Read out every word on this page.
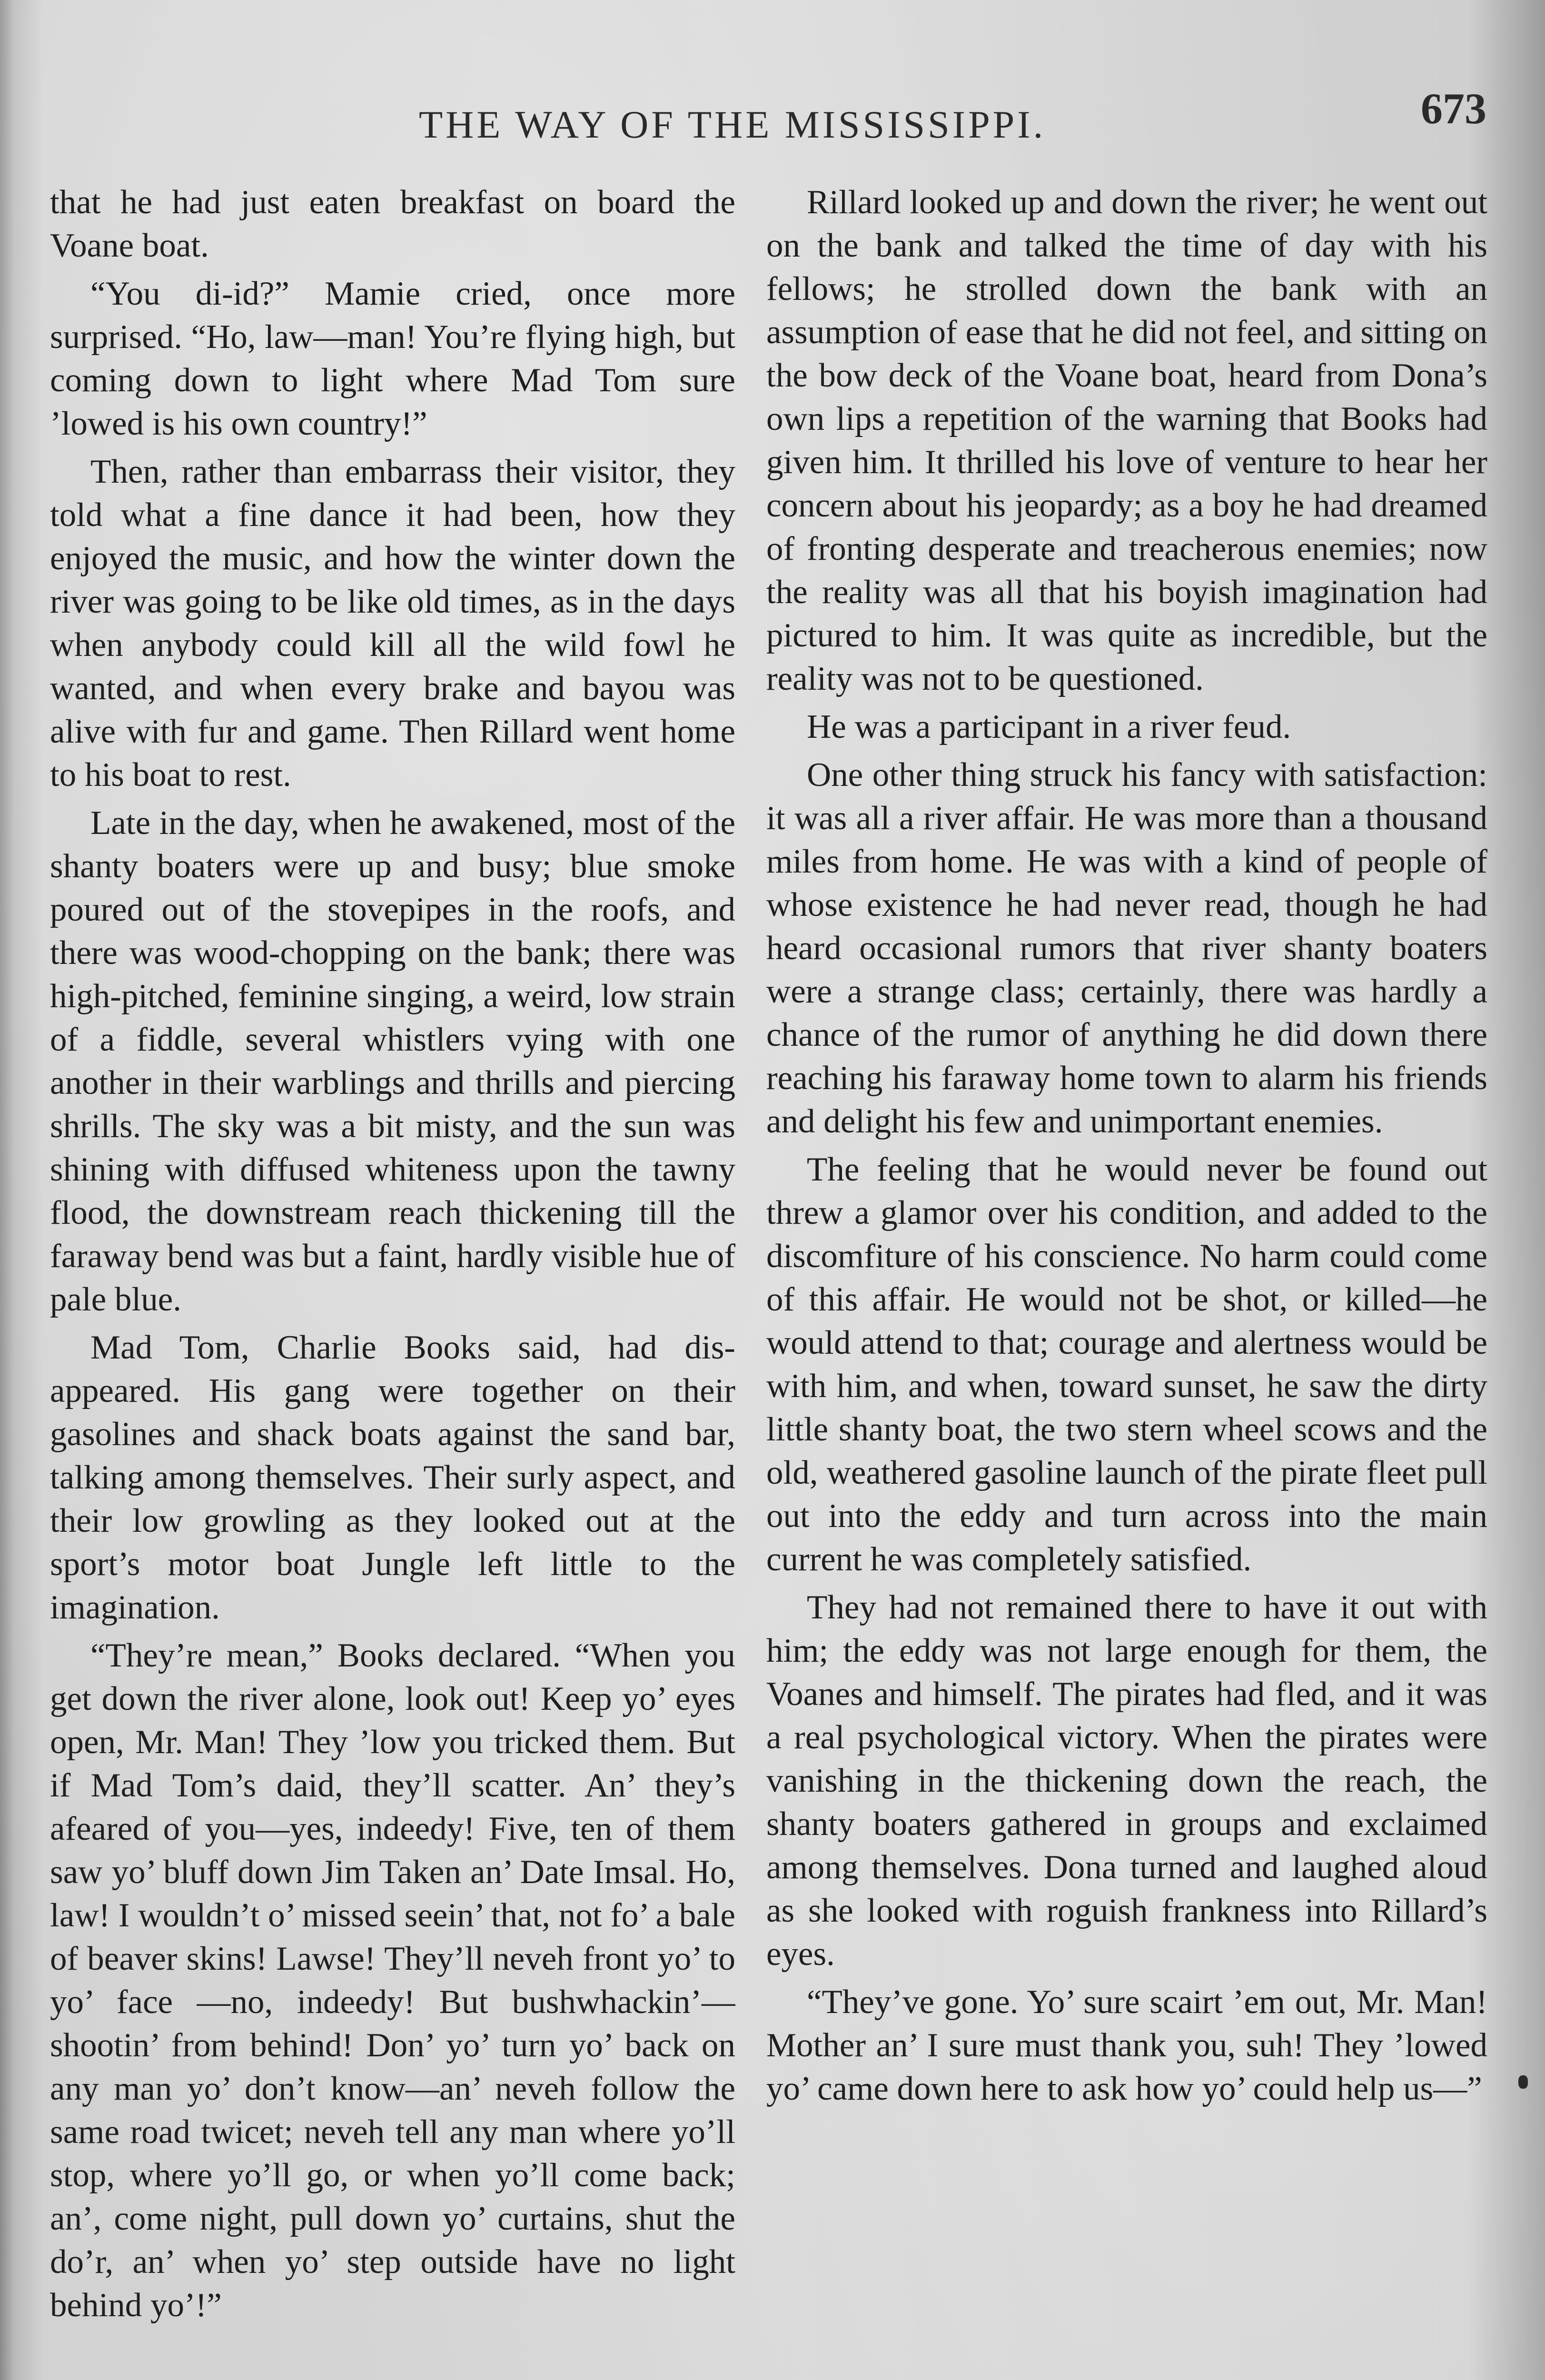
THE WAY OF THE MISSISSIPPI.	673

that he had just eaten breakfast on board the Voane boat.

“You di-id?” Mamie cried, once more surprised. “Ho, law—man! You’re flying high, but coming down to light where Mad Tom sure ’lowed is his own country!”

Then, rather than embarrass their visitor, they told what a fine dance it had been, how they enjoyed the music, and how the winter down the river was going to be like old times, as in the days when anybody could kill all the wild fowl he wanted, and when every brake and bayou was alive with fur and game. Then Rillard went home to his boat to rest.

Late in the day, when he awakened, most of the shanty boaters were up and busy; blue smoke poured out of the stovepipes in the roofs, and there was wood-chopping on the bank; there was high-pitched, feminine singing, a weird, low strain of a fiddle, several whistlers vying with one another in their warblings and thrills and piercing shrills. The sky was a bit misty, and the sun was shining with diffused whiteness upon the tawny flood, the downstream reach thickening till the faraway bend was but a faint, hardly visible hue of pale blue.

Mad Tom, Charlie Books said, had disappeared. His gang were together on their gasolines and shack boats against the sand bar, talking among themselves. Their surly aspect, and their low growling as they looked out at the sport’s motor boat Jungle left little to the imagination.

“They’re mean,” Books declared. “When you get down the river alone, look out! Keep yo’ eyes open, Mr. Man! They ’low you tricked them. But if Mad Tom’s daid, they’ll scatter. An’ they’s afeared of you—yes, indeedy! Five, ten of them saw yo’ bluff down Jim Taken an’ Date Imsal. Ho, law! I wouldn’t o’ missed seein’ that, not fo’ a bale of beaver skins! Lawse! They’ll neveh front yo’ to yo’ face —no, indeedy! But bushwhackin’—shootin’ from behind! Don’ yo’ turn yo’ back on any man yo’ don’t know—an’ neveh follow the same road twicet; neveh tell any man where yo’ll stop, where yo’ll go, or when yo’ll come back; an’, come night, pull down yo’ curtains, shut the do’r, an’ when yo’ step outside have no light behind yo’!”

Rillard looked up and down the river; he went out on the bank and talked the time of day with his fellows; he strolled down the bank with an assumption of ease that he did not feel, and sitting on the bow deck of the Voane boat, heard from Dona’s own lips a repetition of the warning that Books had given him. It thrilled his love of venture to hear her concern about his jeopardy; as a boy he had dreamed of fronting desperate and treacherous enemies; now the reality was all that his boyish imagination had pictured to him. It was quite as incredible, but the reality was not to be questioned.

He was a participant in a river feud.

One other thing struck his fancy with satisfaction: it was all a river affair. He was more than a thousand miles from home. He was with a kind of people of whose existence he had never read, though he had heard occasional rumors that river shanty boaters were a strange class; certainly, there was hardly a chance of the rumor of anything he did down there reaching his faraway home town to alarm his friends and delight his few and unimportant enemies.

The feeling that he would never be found out threw a glamor over his condition, and added to the discomfiture of his conscience. No harm could come of this affair. He would not be shot, or killed—he would attend to that; courage and alertness would be with him, and when, toward sunset, he saw the dirty little shanty boat, the two stern wheel scows and the old, weathered gasoline launch of the pirate fleet pull out into the eddy and turn across into the main current he was completely satisfied.

They had not remained there to have it out with him; the eddy was not large enough for them, the Voanes and himself. The pirates had fled, and it was a real psychological victory. When the pirates were vanishing in the thickening down the reach, the shanty boaters gathered in groups and exclaimed among themselves. Dona turned and laughed aloud as she looked with roguish frankness into Rillard’s eyes.

“They’ve gone. Yo’ sure scairt ’em out, Mr. Man! Mother an’ I sure must thank you, suh! They ’lowed yo’ came down here to ask how yo’ could help us—”
